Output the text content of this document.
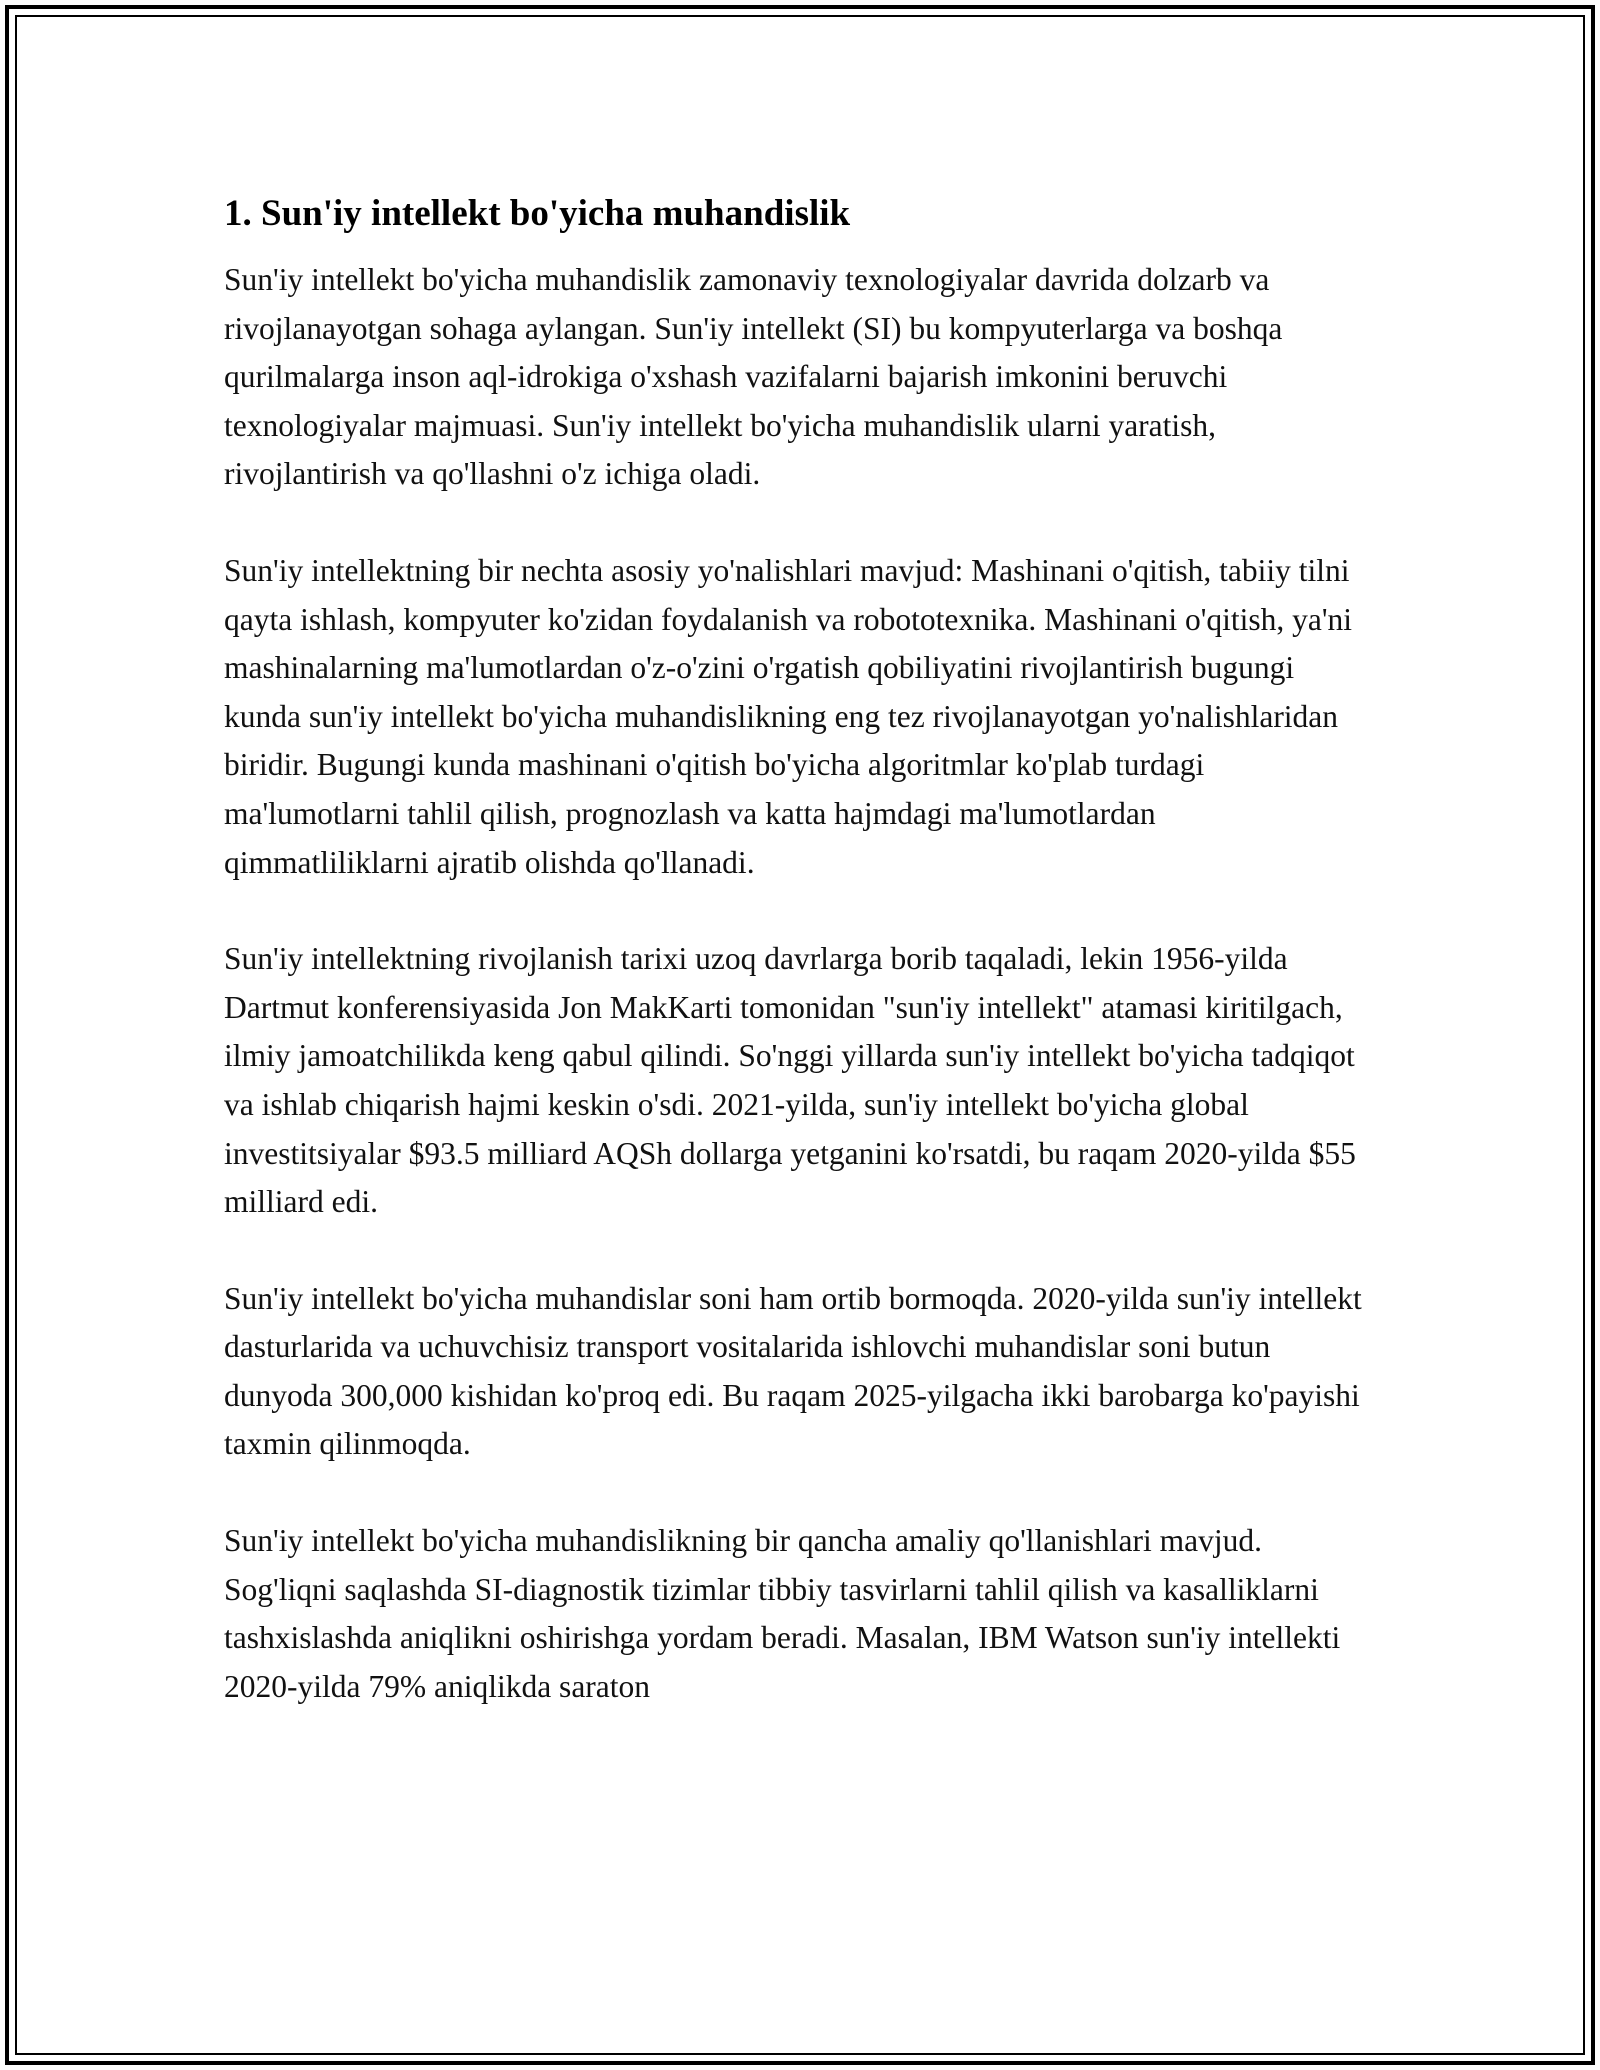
1. Sun'iy intellekt bo'yicha muhandislik

Sun'iy intellekt bo'yicha muhandislik zamonaviy texnologiyalar davrida dolzarb va rivojlanayotgan sohaga aylangan. Sun'iy intellekt (SI) bu kompyuterlarga va boshqa qurilmalarga inson aql-idrokiga o'xshash vazifalarni bajarish imkonini beruvchi texnologiyalar majmuasi. Sun'iy intellekt bo'yicha muhandislik ularni yaratish, rivojlantirish va qo'llashni o'z ichiga oladi.

Sun'iy intellektning bir nechta asosiy yo'nalishlari mavjud: Mashinani o'qitish, tabiiy tilni qayta ishlash, kompyuter ko'zidan foydalanish va robototexnika. Mashinani o'qitish, ya'ni mashinalarning ma'lumotlardan o'z-o'zini o'rgatish qobiliyatini rivojlantirish bugungi kunda sun'iy intellekt bo'yicha muhandislikning eng tez rivojlanayotgan yo'nalishlaridan biridir. Bugungi kunda mashinani o'qitish bo'yicha algoritmlar ko'plab turdagi ma'lumotlarni tahlil qilish, prognozlash va katta hajmdagi ma'lumotlardan qimmatliliklarni ajratib olishda qo'llanadi.

Sun'iy intellektning rivojlanish tarixi uzoq davrlarga borib taqaladi, lekin 1956-yilda Dartmut konferensiyasida Jon MakKarti tomonidan "sun'iy intellekt" atamasi kiritilgach, ilmiy jamoatchilikda keng qabul qilindi. So'nggi yillarda sun'iy intellekt bo'yicha tadqiqot va ishlab chiqarish hajmi keskin o'sdi. 2021-yilda, sun'iy intellekt bo'yicha global investitsiyalar $93.5 milliard AQSh dollarga yetganini ko'rsatdi, bu raqam 2020-yilda $55 milliard edi.

Sun'iy intellekt bo'yicha muhandislar soni ham ortib bormoqda. 2020-yilda sun'iy intellekt dasturlarida va uchuvchisiz transport vositalarida ishlovchi muhandislar soni butun dunyoda 300,000 kishidan ko'proq edi. Bu raqam 2025-yilgacha ikki barobarga ko'payishi taxmin qilinmoqda.

Sun'iy intellekt bo'yicha muhandislikning bir qancha amaliy qo'llanishlari mavjud. Sog'liqni saqlashda SI-diagnostik tizimlar tibbiy tasvirlarni tahlil qilish va kasalliklarni tashxislashda aniqlikni oshirishga yordam beradi. Masalan, IBM Watson sun'iy intellekti 2020-yilda 79% aniqlikda saraton
